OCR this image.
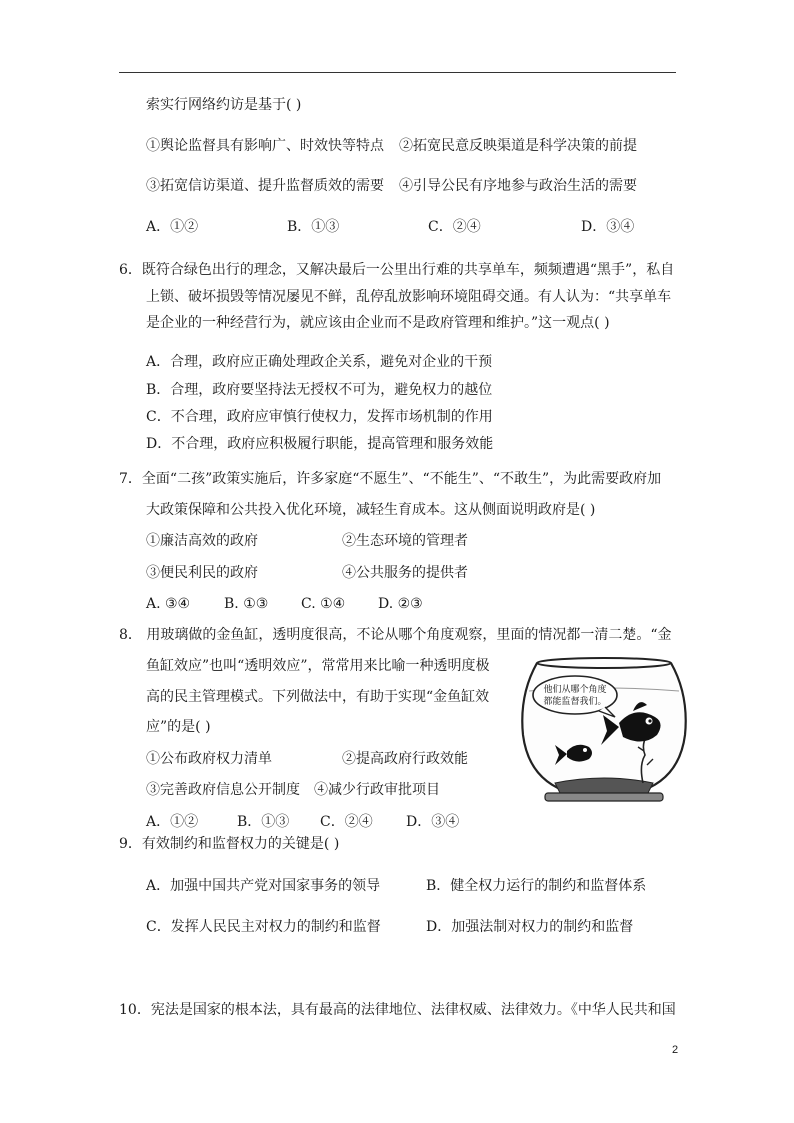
索实行网络约访是基于( )
①舆论监督具有影响广、时效快等特点 ②拓宽民意反映渠道是科学决策的前提
③拓宽信访渠道、提升监督质效的需要 ④引导公民有序地参与政治生活的需要
A．①②	B．①③	C．②④	D．③④
6．既符合绿色出行的理念，又解决最后一公里出行难的共享单车，频频遭遇“黑手”，私自
上锁、破坏损毁等情况屡见不鲜，乱停乱放影响环境阻碍交通。有人认为：“共享单车
是企业的一种经营行为，就应该由企业而不是政府管理和维护。”这一观点( )
A．合理，政府应正确处理政企关系，避免对企业的干预
B．合理，政府要坚持法无授权不可为，避免权力的越位
C．不合理，政府应审慎行使权力，发挥市场机制的作用
D．不合理，政府应积极履行职能，提高管理和服务效能
7．全面“二孩”政策实施后，许多家庭“不愿生”、“不能生”、“不敢生”，为此需要政府加
大政策保障和公共投入优化环境，减轻生育成本。这从侧面说明政府是( )
①廉洁高效的政府	②生态环境的管理者
③便民利民的政府	④公共服务的提供者
A. ③④ B. ①③ C. ①④ D. ②③
8． 用玻璃做的金鱼缸，透明度很高，不论从哪个角度观察，里面的情况都一清二楚。“金
鱼缸效应”也叫“透明效应”，常常用来比喻一种透明度极
高的民主管理模式。下列做法中，有助于实现“金鱼缸效
应”的是( )
①公布政府权力清单	②提高政府行政效能
③完善政府信息公开制度 ④减少行政审批项目
A．①②	B．①③ C．②④ D．③④
他们从哪个角度
都能监督我们。
9．有效制约和监督权力的关键是( )
A．加强中国共产党对国家事务的领导	B．健全权力运行的制约和监督体系
C．发挥人民民主对权力的制约和监督	D．加强法制对权力的制约和监督
10．宪法是国家的根本法，具有最高的法律地位、法律权威、法律效力。《中华人民共和国
2
